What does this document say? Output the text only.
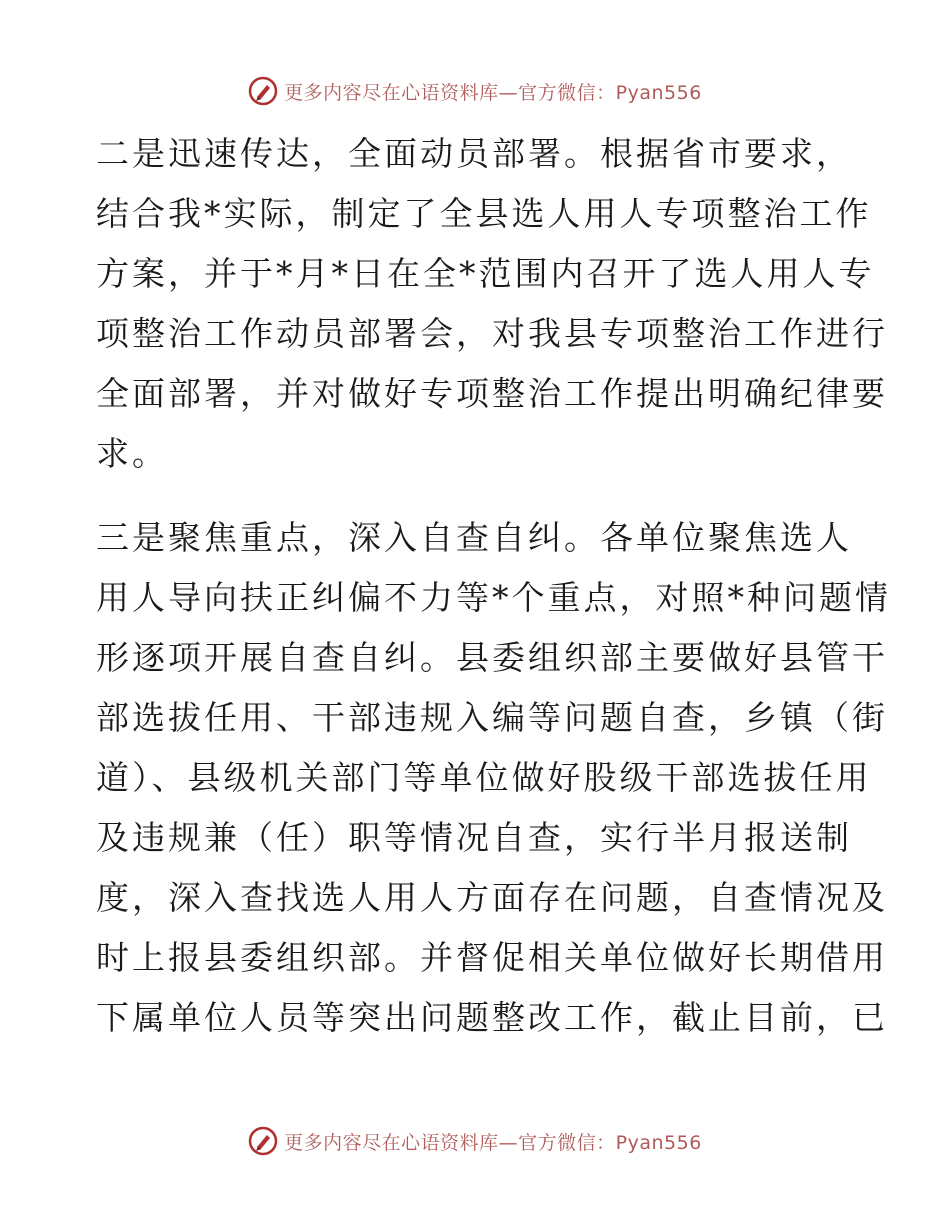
更多内容尽在心语资料库—官方微信：Pyan556

二是迅速传达，全面动员部署。根据省市要求，
结合我*实际，制定了全县选人用人专项整治工作
方案，并于*月*日在全*范围内召开了选人用人专
项整治工作动员部署会，对我县专项整治工作进行
全面部署，并对做好专项整治工作提出明确纪律要
求。

三是聚焦重点，深入自查自纠。各单位聚焦选人
用人导向扶正纠偏不力等*个重点，对照*种问题情
形逐项开展自查自纠。县委组织部主要做好县管干
部选拔任用、干部违规入编等问题自查，乡镇（街
道）、县级机关部门等单位做好股级干部选拔任用
及违规兼（任）职等情况自查，实行半月报送制
度，深入查找选人用人方面存在问题，自查情况及
时上报县委组织部。并督促相关单位做好长期借用
下属单位人员等突出问题整改工作，截止目前，已

更多内容尽在心语资料库—官方微信：Pyan556
